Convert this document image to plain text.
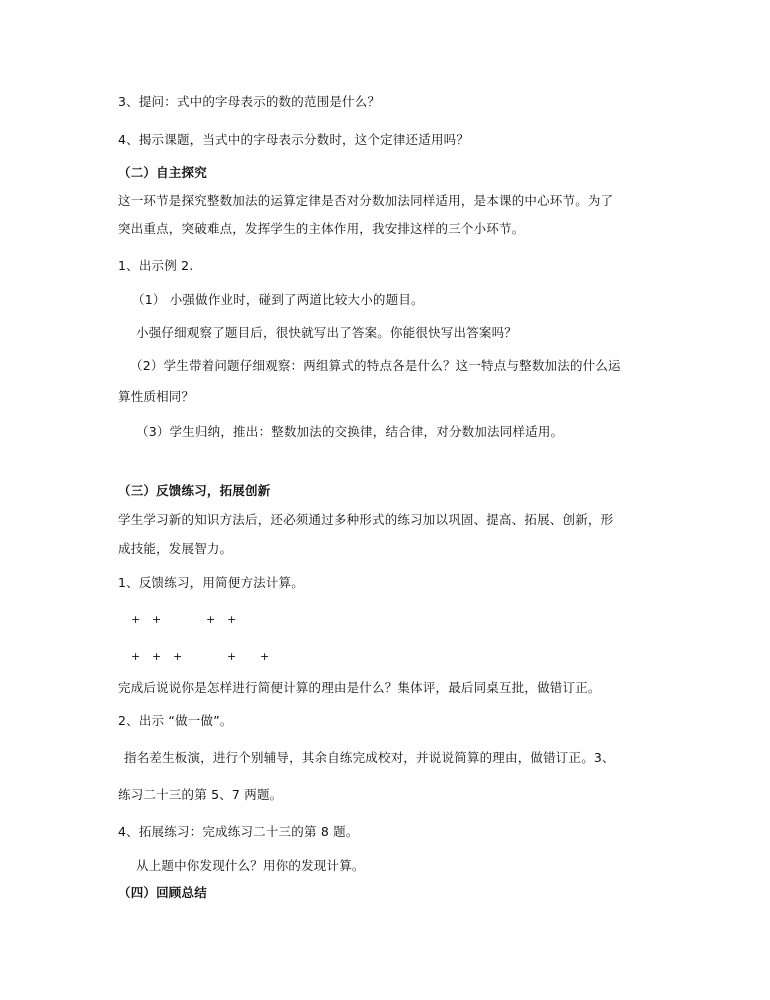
3、提问：式中的字母表示的数的范围是什么？
4、揭示课题，当式中的字母表示分数时，这个定律还适用吗？
（二）自主探究
这一环节是探究整数加法的运算定律是否对分数加法同样适用，是本课的中心环节。为了
突出重点，突破难点，发挥学生的主体作用，我安排这样的三个小环节。
1、出示例 2.
（1） 小强做作业时，碰到了两道比较大小的题目。
小强仔细观察了题目后，很快就写出了答案。你能很快写出答案吗？
（2）学生带着问题仔细观察：两组算式的特点各是什么？这一特点与整数加法的什么运
算性质相同？
（3）学生归纳，推出：整数加法的交换律，结合律，对分数加法同样适用。
（三）反馈练习，拓展创新
学生学习新的知识方法后，还必须通过多种形式的练习加以巩固、提高、拓展、创新，形
成技能，发展智力。
1、反馈练习，用简便方法计算。
+ +	+ +
+ + +	+ +
完成后说说你是怎样进行简便计算的理由是什么？集体评，最后同桌互批，做错订正。
2、出示 “做一做”。
指名差生板演，进行个别辅导，其余自练完成校对，并说说简算的理由，做错订正。3、
练习二十三的第 5、7 两题。
4、拓展练习：完成练习二十三的第 8 题。
从上题中你发现什么？用你的发现计算。
（四）回顾总结
